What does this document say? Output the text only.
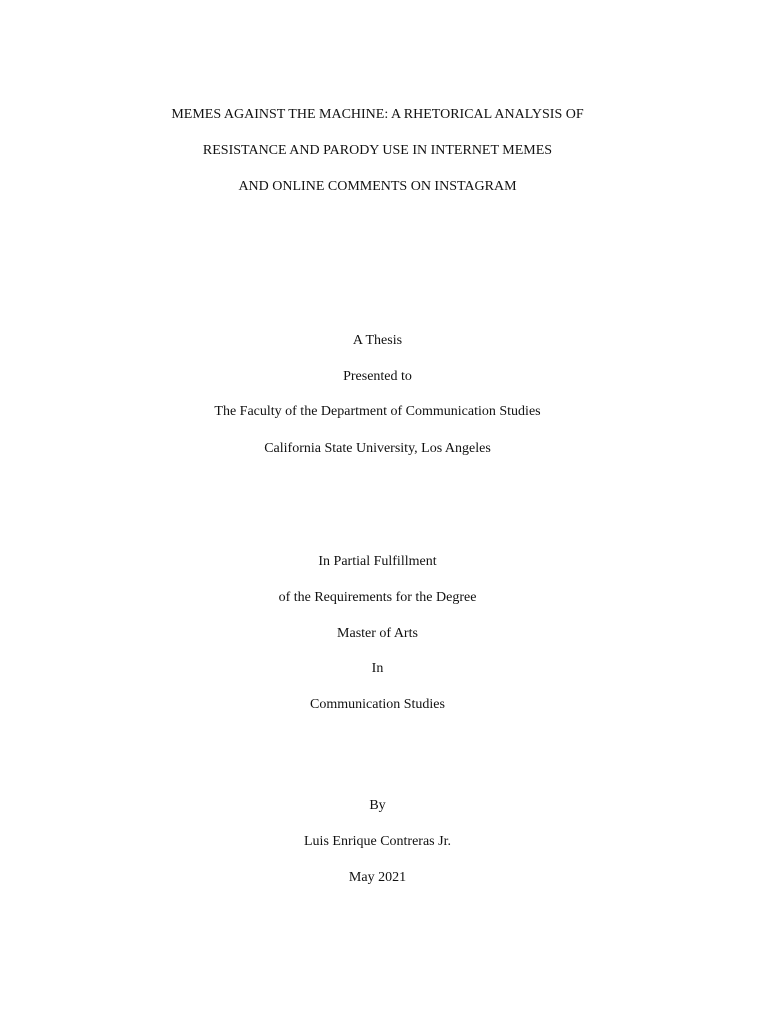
MEMES AGAINST THE MACHINE: A RHETORICAL ANALYSIS OF
RESISTANCE AND PARODY USE IN INTERNET MEMES
AND ONLINE COMMENTS ON INSTAGRAM
A Thesis
Presented to
The Faculty of the Department of Communication Studies
California State University, Los Angeles
In Partial Fulfillment
of the Requirements for the Degree
Master of Arts
In
Communication Studies
By
Luis Enrique Contreras Jr.
May 2021
